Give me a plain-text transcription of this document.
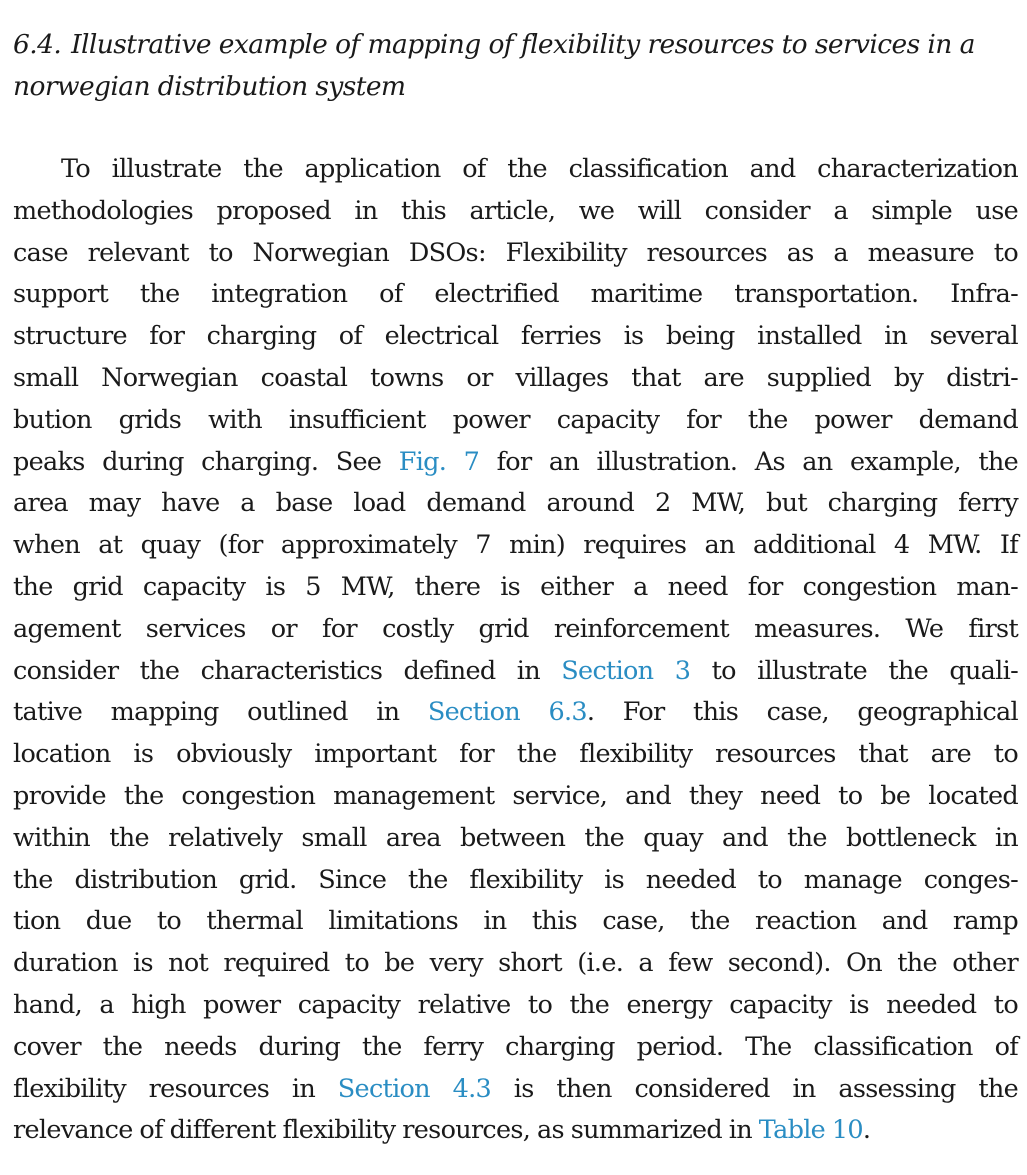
6.4. Illustrative example of mapping of flexibility resources to services in a
norwegian distribution system
To illustrate the application of the classification and characterization
methodologies proposed in this article, we will consider a simple use
case relevant to Norwegian DSOs: Flexibility resources as a measure to
support the integration of electrified maritime transportation. Infra-
structure for charging of electrical ferries is being installed in several
small Norwegian coastal towns or villages that are supplied by distri-
bution grids with insufficient power capacity for the power demand
peaks during charging. See Fig. 7 for an illustration. As an example, the
area may have a base load demand around 2 MW, but charging ferry
when at quay (for approximately 7 min) requires an additional 4 MW. If
the grid capacity is 5 MW, there is either a need for congestion man-
agement services or for costly grid reinforcement measures. We first
consider the characteristics defined in Section 3 to illustrate the quali-
tative mapping outlined in Section 6.3. For this case, geographical
location is obviously important for the flexibility resources that are to
provide the congestion management service, and they need to be located
within the relatively small area between the quay and the bottleneck in
the distribution grid. Since the flexibility is needed to manage conges-
tion due to thermal limitations in this case, the reaction and ramp
duration is not required to be very short (i.e. a few second). On the other
hand, a high power capacity relative to the energy capacity is needed to
cover the needs during the ferry charging period. The classification of
flexibility resources in Section 4.3 is then considered in assessing the
relevance of different flexibility resources, as summarized in Table 10.
